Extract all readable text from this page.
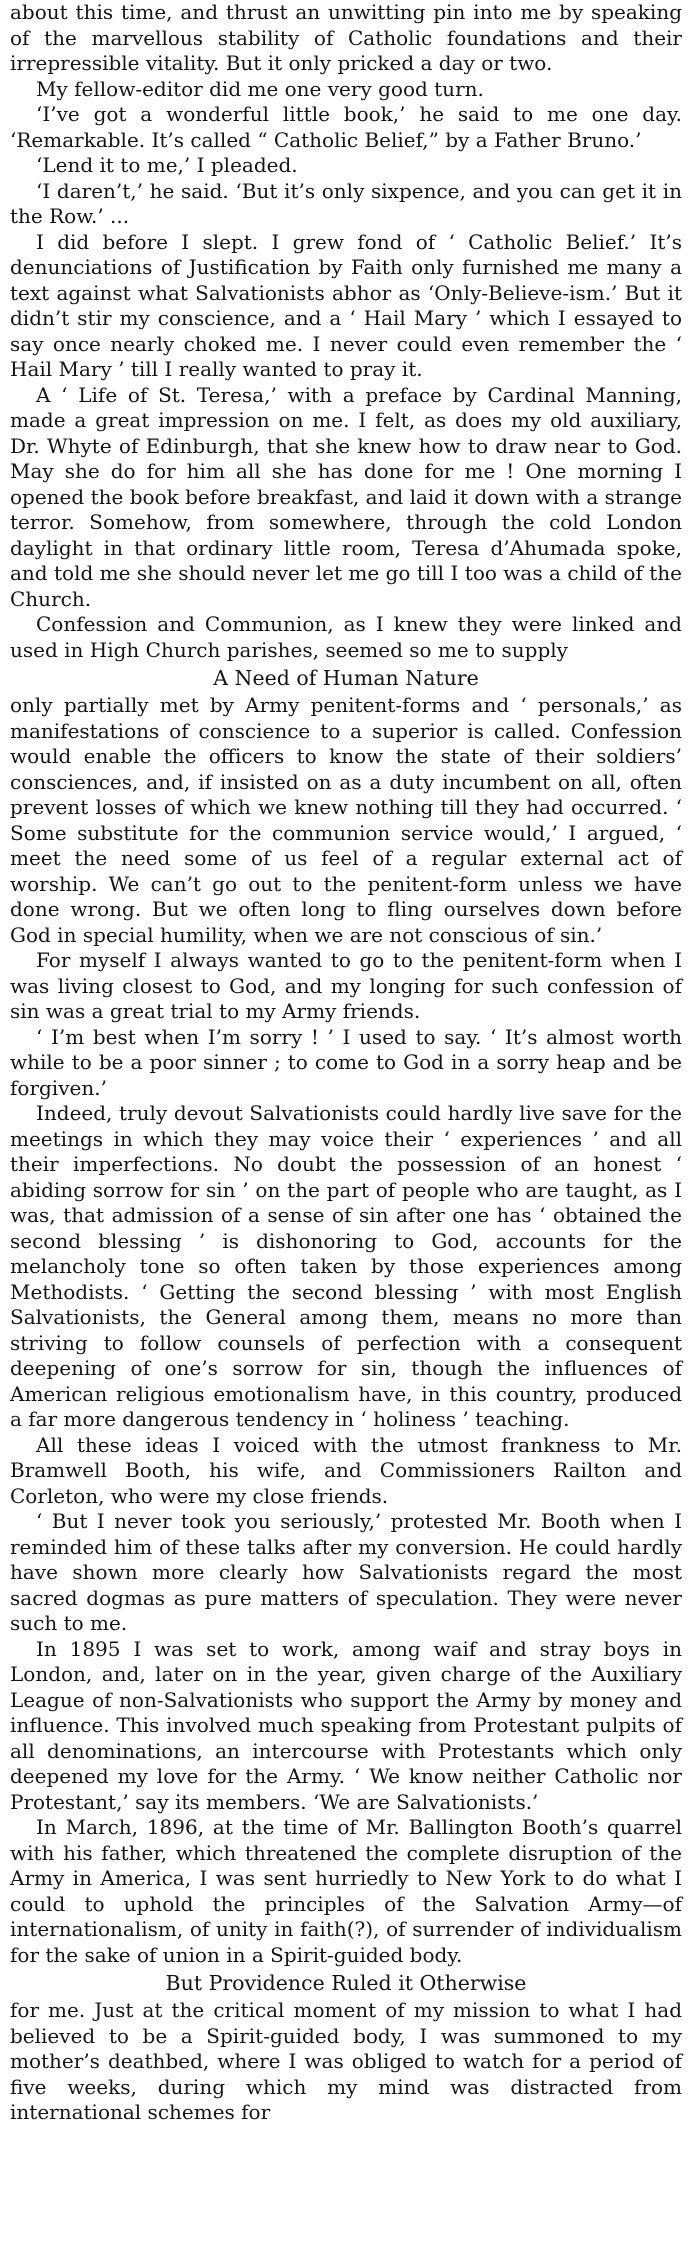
about this time, and thrust an unwitting pin into me by speaking of the marvellous stability of Catholic foundations and their irrepressible vitality. But it only pricked a day or two.

My fellow-editor did me one very good turn.

‘I’ve got a wonderful little book,’ he said to me one day. ‘Remarkable. It’s called “ Catholic Belief,” by a Father Bruno.’

‘Lend it to me,’ I pleaded.

‘I daren’t,’ he said. ‘But it’s only sixpence, and you can get it in the Row.’ ...

I did before I slept. I grew fond of ‘ Catholic Belief.’ It’s denunciations of Justification by Faith only furnished me many a text against what Salvationists abhor as ‘Only-Believe-ism.’ But it didn’t stir my conscience, and a ‘ Hail Mary ’ which I essayed to say once nearly choked me. I never could even remember the ‘ Hail Mary ’ till I really wanted to pray it.

A ‘ Life of St. Teresa,’ with a preface by Cardinal Manning, made a great impression on me. I felt, as does my old auxiliary, Dr. Whyte of Edinburgh, that she knew how to draw near to God. May she do for him all she has done for me ! One morning I opened the book before breakfast, and laid it down with a strange terror. Somehow, from somewhere, through the cold London daylight in that ordinary little room, Teresa d’Ahumada spoke, and told me she should never let me go till I too was a child of the Church.

Confession and Communion, as I knew they were linked and used in High Church parishes, seemed so me to supply

A Need of Human Nature

only partially met by Army penitent-forms and ‘ personals,’ as manifestations of conscience to a superior is called. Confession would enable the officers to know the state of their soldiers’ consciences, and, if insisted on as a duty incumbent on all, often prevent losses of which we knew nothing till they had occurred. ‘ Some substitute for the communion service would,’ I argued, ‘ meet the need some of us feel of a regular external act of worship. We can’t go out to the penitent-form unless we have done wrong. But we often long to fling ourselves down before God in special humility, when we are not conscious of sin.’

For myself I always wanted to go to the penitent-form when I was living closest to God, and my longing for such confession of sin was a great trial to my Army friends.

‘ I’m best when I’m sorry ! ’ I used to say. ‘ It’s almost worth while to be a poor sinner ; to come to God in a sorry heap and be forgiven.’

Indeed, truly devout Salvationists could hardly live save for the meetings in which they may voice their ‘ experiences ’ and all their imperfections. No doubt the possession of an honest ‘ abiding sorrow for sin ’ on the part of people who are taught, as I was, that admission of a sense of sin after one has ‘ obtained the second blessing ’ is dishonoring to God, accounts for the melancholy tone so often taken by those experiences among Methodists. ‘ Getting the second blessing ’ with most English Salvationists, the General among them, means no more than striving to follow counsels of perfection with a consequent deepening of one’s sorrow for sin, though the influences of American religious emotionalism have, in this country, produced a far more dangerous tendency in ‘ holiness ’ teaching.

All these ideas I voiced with the utmost frankness to Mr. Bramwell Booth, his wife, and Commissioners Railton and Corleton, who were my close friends.

‘ But I never took you seriously,’ protested Mr. Booth when I reminded him of these talks after my conversion. He could hardly have shown more clearly how Salvationists regard the most sacred dogmas as pure matters of speculation. They were never such to me.

In 1895 I was set to work, among waif and stray boys in London, and, later on in the year, given charge of the Auxiliary League of non-Salvationists who support the Army by money and influence. This involved much speaking from Protestant pulpits of all denominations, an intercourse with Protestants which only deepened my love for the Army. ‘ We know neither Catholic nor Protestant,’ say its members. ‘We are Salvationists.’

In March, 1896, at the time of Mr. Ballington Booth’s quarrel with his father, which threatened the complete disruption of the Army in America, I was sent hurriedly to New York to do what I could to uphold the principles of the Salvation Army—of internationalism, of unity in faith(?), of surrender of individualism for the sake of union in a Spirit-guided body.

But Providence Ruled it Otherwise

for me. Just at the critical moment of my mission to what I had believed to be a Spirit-guided body, I was summoned to my mother’s deathbed, where I was obliged to watch for a period of five weeks, during which my mind was distracted from international schemes for
